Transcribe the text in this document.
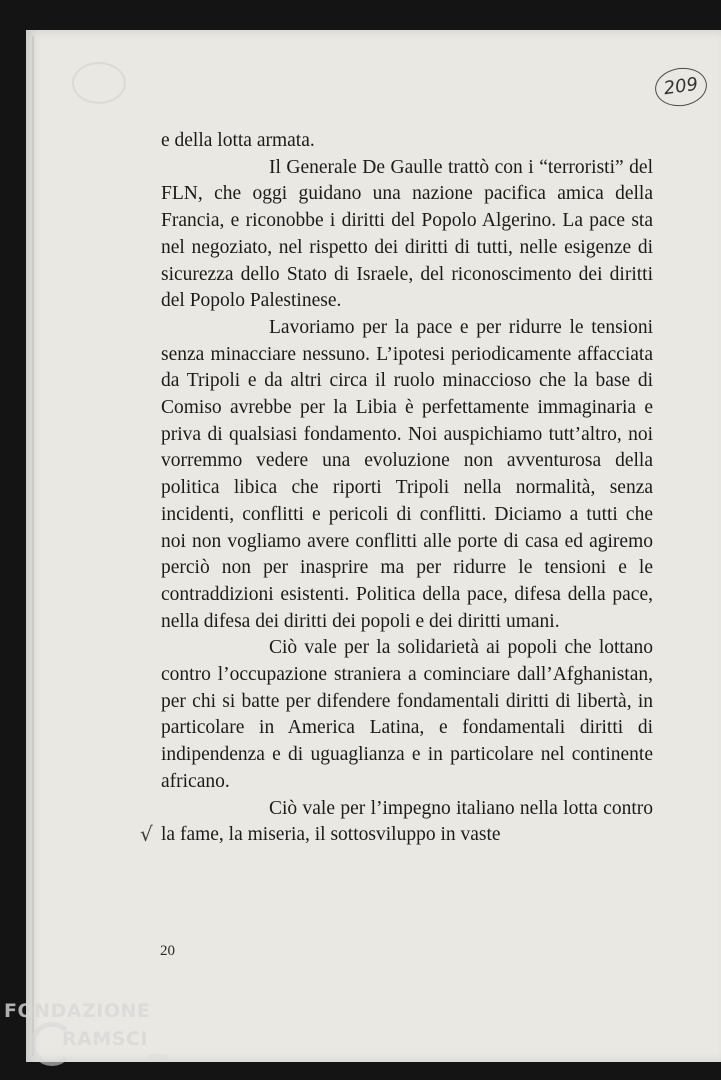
209

e della lotta armata.

Il Generale De Gaulle trattò con i “terroristi” del FLN, che oggi guidano una nazione pacifica amica della Francia, e riconobbe i diritti del Popolo Algerino. La pace sta nel negoziato, nel rispetto dei diritti di tutti, nelle esigenze di sicurezza dello Stato di Israele, del riconoscimento dei diritti del Popolo Palestinese.

Lavoriamo per la pace e per ridurre le tensioni senza minacciare nessuno. L’ipotesi periodicamente affacciata da Tripoli e da altri circa il ruolo minaccioso che la base di Comiso avrebbe per la Libia è perfettamente immaginaria e priva di qualsiasi fondamento. Noi auspichiamo tutt’altro, noi vorremmo vedere una evoluzione non avventurosa della politica libica che riporti Tripoli nella normalità, senza incidenti, conflitti e pericoli di conflitti. Diciamo a tutti che noi non vogliamo avere conflitti alle porte di casa ed agiremo perciò non per inasprire ma per ridurre le tensioni e le contraddizioni esistenti. Politica della pace, difesa della pace, nella difesa dei diritti dei popoli e dei diritti umani.

Ciò vale per la solidarietà ai popoli che lottano contro l’occupazione straniera a cominciare dall’Afghanistan, per chi si batte per difendere fondamentali diritti di libertà, in particolare in America Latina, e fondamentali diritti di indipendenza e di uguaglianza e in particolare nel continente africano.

Ciò vale per l’impegno italiano nella lotta contro la fame, la miseria, il sottosviluppo in vaste

√
20
FONDAZIONE
RAMSCI
onlus
